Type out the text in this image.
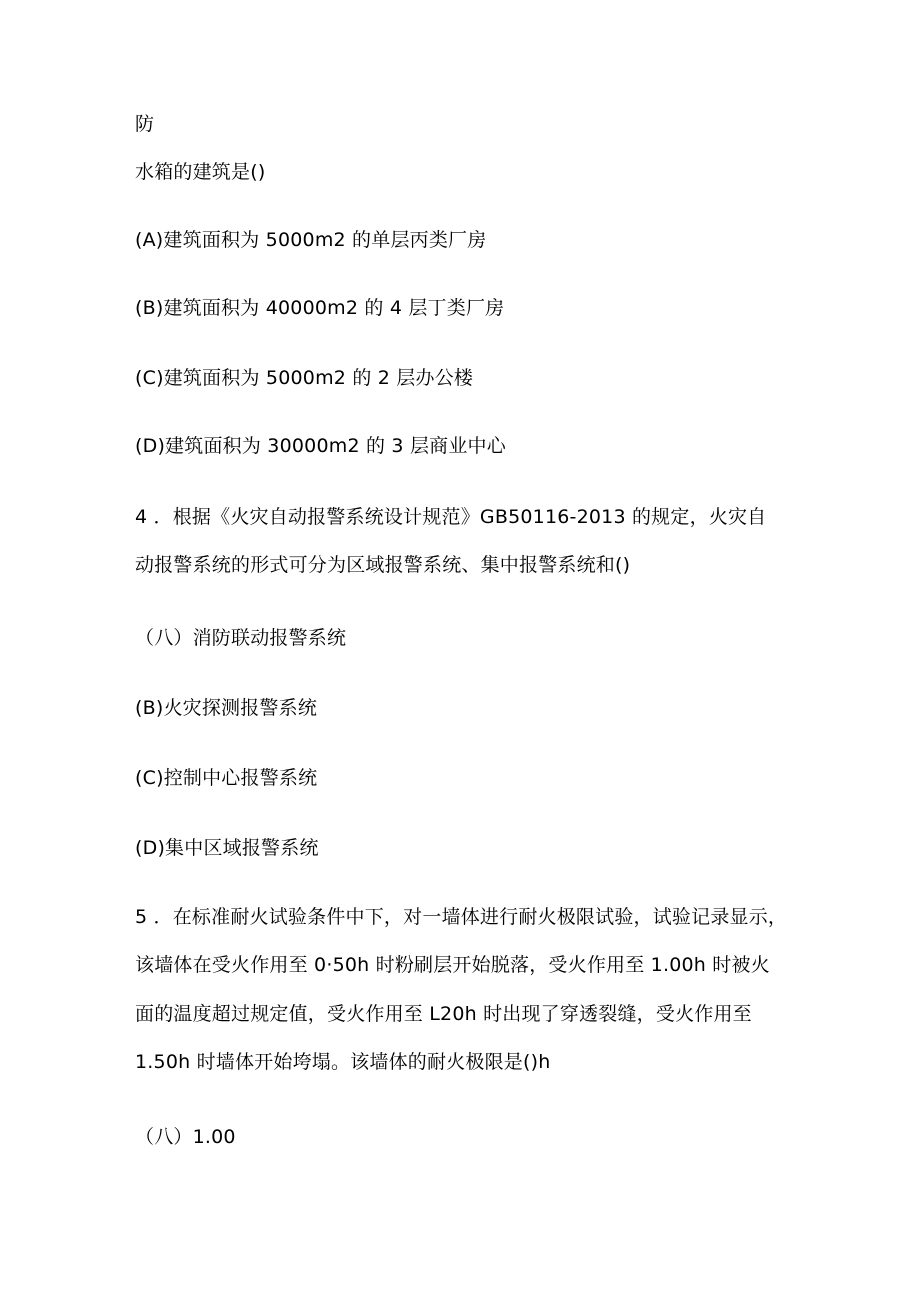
防
水箱的建筑是()
(A)建筑面积为 5000m2 的单层丙类厂房
(B)建筑面积为 40000m2 的 4 层丁类厂房
(C)建筑面积为 5000m2 的 2 层办公楼
(D)建筑面积为 30000m2 的 3 层商业中心
4 ．根据《火灾自动报警系统设计规范》GB50116-2013 的规定，火灾自
动报警系统的形式可分为区域报警系统、集中报警系统和()
（八）消防联动报警系统
(B)火灾探测报警系统
(C)控制中心报警系统
(D)集中区域报警系统
5 ．在标准耐火试验条件中下，对一墙体进行耐火极限试验，试验记录显示，
该墙体在受火作用至 0·50h 时粉刷层开始脱落，受火作用至 1.00h 时被火
面的温度超过规定值，受火作用至 L20h 时出现了穿透裂缝，受火作用至
1.50h 时墙体开始垮塌。该墙体的耐火极限是()h
（八）1.00
